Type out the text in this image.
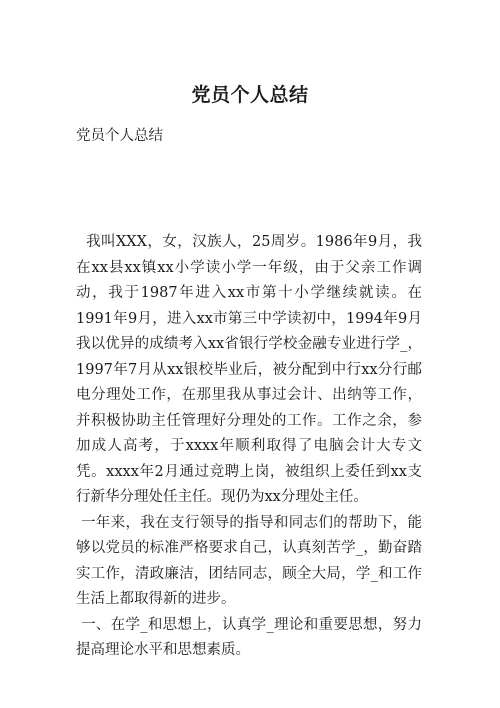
党员个人总结
党员个人总结

我叫XXX，女，汉族人，25周岁。1986年9月，我在xx县xx镇xx小学读小学一年级，由于父亲工作调动，我于1987年进入xx市第十小学继续就读。在1991年9月，进入xx市第三中学读初中，1994年9月我以优异的成绩考入xx省银行学校金融专业进行学_，1997年7月从xx银校毕业后，被分配到中行xx分行邮电分理处工作，在那里我从事过会计、出纳等工作，并积极协助主任管理好分理处的工作。工作之余，参加成人高考，于xxxx年顺利取得了电脑会计大专文凭。xxxx年2月通过竞聘上岗，被组织上委任到xx支行新华分理处任主任。现仍为xx分理处主任。

一年来，我在支行领导的指导和同志们的帮助下，能够以党员的标准严格要求自己，认真刻苦学_，勤奋踏实工作，清政廉洁，团结同志，顾全大局，学_和工作生活上都取得新的进步。

一、在学_和思想上，认真学_理论和重要思想，努力提高理论水平和思想素质。
